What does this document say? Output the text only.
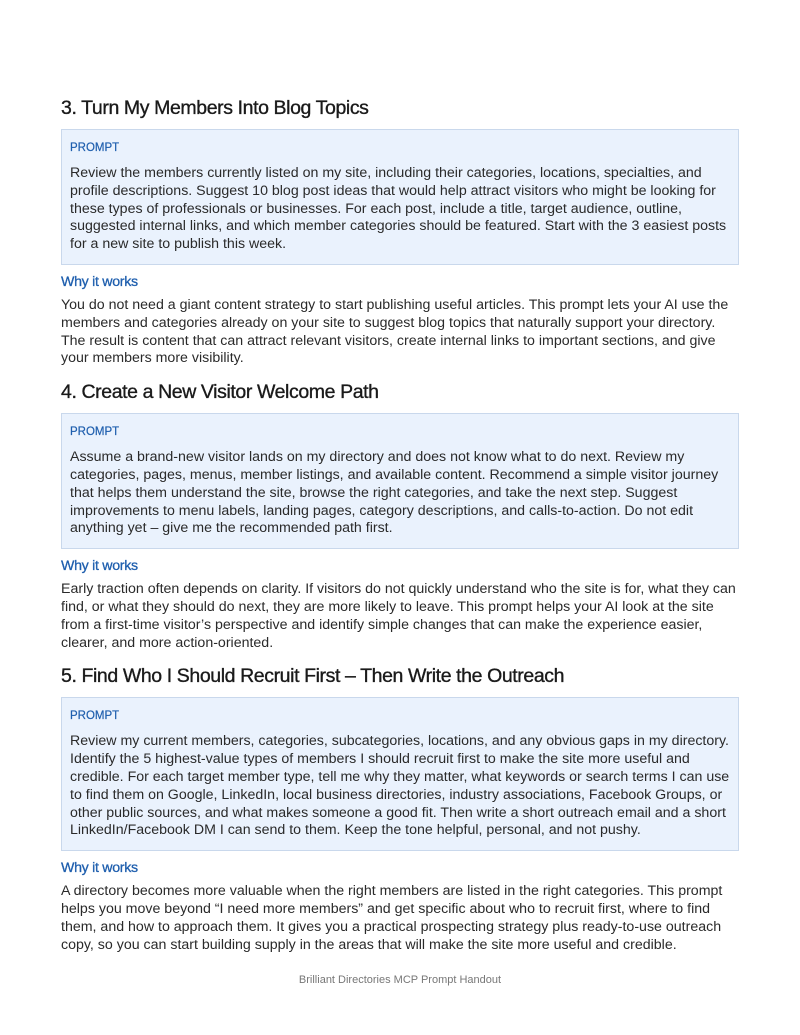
3. Turn My Members Into Blog Topics
PROMPT

Review the members currently listed on my site, including their categories, locations, specialties, and profile descriptions. Suggest 10 blog post ideas that would help attract visitors who might be looking for these types of professionals or businesses. For each post, include a title, target audience, outline, suggested internal links, and which member categories should be featured. Start with the 3 easiest posts for a new site to publish this week.

Why it works

You do not need a giant content strategy to start publishing useful articles. This prompt lets your AI use the members and categories already on your site to suggest blog topics that naturally support your directory. The result is content that can attract relevant visitors, create internal links to important sections, and give your members more visibility.

4. Create a New Visitor Welcome Path
PROMPT

Assume a brand-new visitor lands on my directory and does not know what to do next. Review my categories, pages, menus, member listings, and available content. Recommend a simple visitor journey that helps them understand the site, browse the right categories, and take the next step. Suggest improvements to menu labels, landing pages, category descriptions, and calls-to-action. Do not edit anything yet – give me the recommended path first.

Why it works

Early traction often depends on clarity. If visitors do not quickly understand who the site is for, what they can find, or what they should do next, they are more likely to leave. This prompt helps your AI look at the site from a first-time visitor’s perspective and identify simple changes that can make the experience easier, clearer, and more action-oriented.

5. Find Who I Should Recruit First – Then Write the Outreach
PROMPT

Review my current members, categories, subcategories, locations, and any obvious gaps in my directory. Identify the 5 highest-value types of members I should recruit first to make the site more useful and credible. For each target member type, tell me why they matter, what keywords or search terms I can use to find them on Google, LinkedIn, local business directories, industry associations, Facebook Groups, or other public sources, and what makes someone a good fit. Then write a short outreach email and a short LinkedIn/Facebook DM I can send to them. Keep the tone helpful, personal, and not pushy.

Why it works

A directory becomes more valuable when the right members are listed in the right categories. This prompt helps you move beyond “I need more members” and get specific about who to recruit first, where to find them, and how to approach them. It gives you a practical prospecting strategy plus ready-to-use outreach copy, so you can start building supply in the areas that will make the site more useful and credible.

Brilliant Directories MCP Prompt Handout
